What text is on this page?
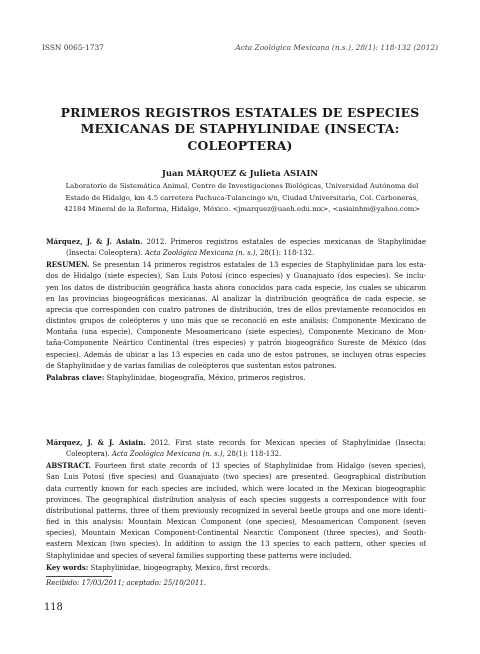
ISSN 0065-1737	Acta Zoológica Mexicana (n.s.), 28(1): 118-132 (2012)
PRIMEROS REGISTROS ESTATALES DE ESPECIES
MEXICANAS DE STAPHYLINIDAE (INSECTA:
COLEOPTERA)
Juan MÁRQUEZ & Julieta ASIAIN
Laboratorio de Sistemática Animal, Centro de Investigaciones Biológicas, Universidad Autónoma del
Estado de Hidalgo, km 4.5 carretera Pachuca-Tulancingo s/n, Ciudad Universitaria, Col. Carboneras,
42184 Mineral de la Reforma, Hidalgo, México. <jmarquez@uaeh.edu.mx>, <asiainhm@yahoo.com>
Márquez, J. & J. Asiain. 2012. Primeros registros estatales de especies mexicanas de Staphylinidae
(Insecta: Coleoptera). Acta Zoológica Mexicana (n. s.), 28(1): 118-132.
RESUMEN. Se presentan 14 primeros registros estatales de 13 especies de Staphylinidae para los esta-
dos de Hidalgo (siete especies), San Luis Potosí (cinco especies) y Guanajuato (dos especies). Se inclu-
yen los datos de distribución geográfica hasta ahora conocidos para cada especie, los cuales se ubicaron
en las provincias biogeográficas mexicanas. Al analizar la distribución geográfica de cada especie, se
aprecia que corresponden con cuatro patrones de distribución, tres de ellos previamente reconocidos en
distintos grupos de coleópteros y uno más que se reconoció en este análisis: Componente Mexicano de
Montaña (una especie), Componente Mesoamericano (siete especies), Componente Mexicano de Mon-
taña-Componente Neártico Continental (tres especies) y patrón biogeográfico Sureste de México (dos
especies). Además de ubicar a las 13 especies en cada uno de estos patrones, se incluyen otras especies
de Staphylinidae y de varias familias de coleópteros que sustentan estos patrones.
Palabras clave: Staphylinidae, biogeografía, México, primeros registros.
Márquez, J. & J. Asiain. 2012. First state records for Mexican species of Staphylinidae (Insecta:
Coleoptera). Acta Zoológica Mexicana (n. s.), 28(1): 118-132.
ABSTRACT. Fourteen first state records of 13 species of Staphylinidae from Hidalgo (seven species),
San Luis Potosí (five species) and Guanajuato (two species) are presented. Geographical distribution
data currently known for each species are included, which were located in the Mexican biogeographic
provinces. The geographical distribution analysis of each species suggests a correspondence with four
distributional patterns, three of them previously recognized in several beetle groups and one more identi-
fied in this analysis: Mountain Mexican Component (one species), Mesoamerican Component (seven
species), Mountain Mexican Component-Continental Nearctic Component (three species), and South-
eastern Mexican (two species). In addition to assign the 13 species to each pattern, other species of
Staphylinidae and species of several families supporting these patterns were included.
Key words: Staphylinidae, biogeography, Mexico, first records.
Recibido: 17/03/2011; aceptado: 25/10/2011.
118
